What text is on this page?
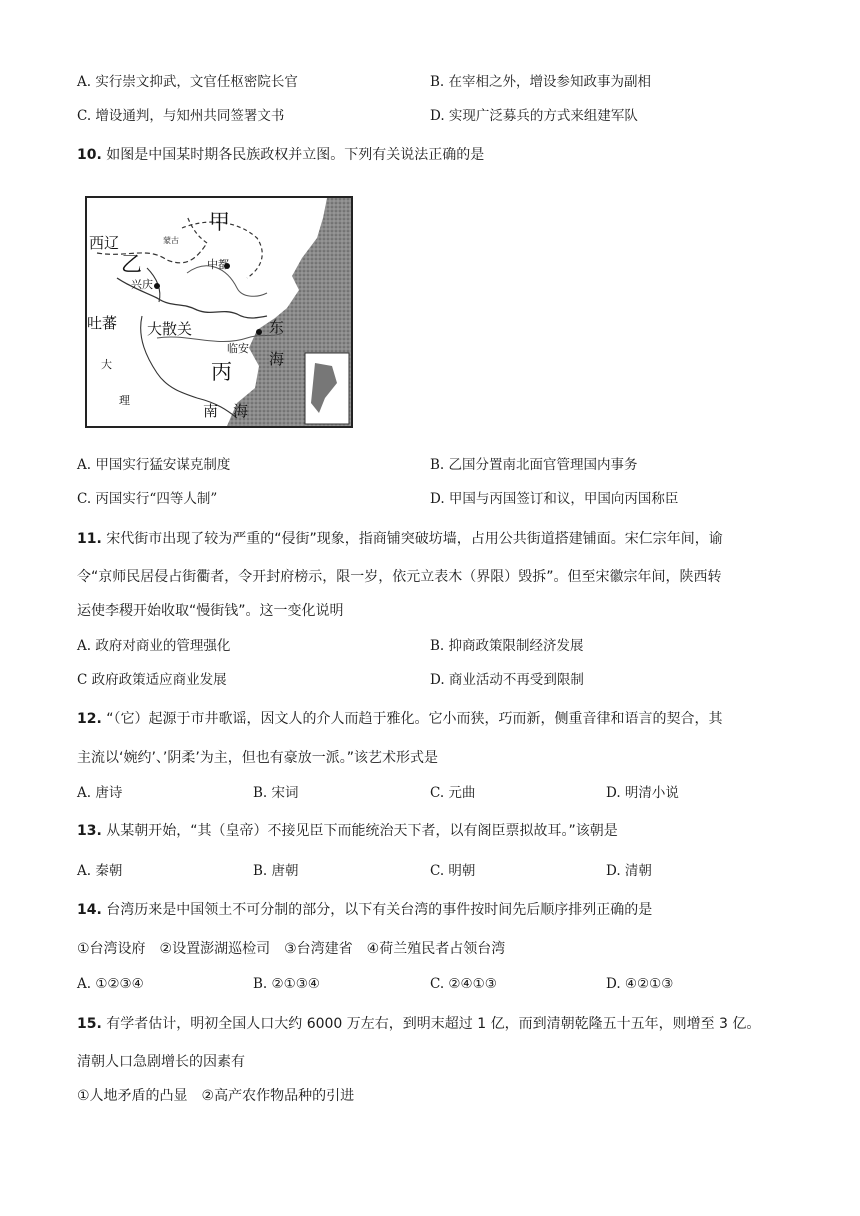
A. 实行崇文抑武，文官任枢密院长官	B. 在宰相之外，增设参知政事为副相
C. 增设通判，与知州共同签署文书	D. 实现广泛募兵的方式来组建军队
10. 如图是中国某时期各民族政权并立图。下列有关说法正确的是
西辽	蒙古
甲
中都
乙
兴庆
吐蕃 大散关	东
临安
海
丙
大
理
南 海
A. 甲国实行猛安谋克制度	B. 乙国分置南北面官管理国内事务
C. 丙国实行“四等人制”	D. 甲国与丙国签订和议，甲国向丙国称臣
11. 宋代街市出现了较为严重的“侵街”现象，指商铺突破坊墙，占用公共街道搭建铺面。宋仁宗年间，谕
令“京师民居侵占街衢者，令开封府榜示，限一岁，依元立表木（界限）毁拆”。但至宋徽宗年间，陕西转
运使李稷开始收取“慢街钱”。这一变化说明
A. 政府对商业的管理强化	B. 抑商政策限制经济发展
C 政府政策适应商业发展	D. 商业活动不再受到限制
12. “（它）起源于市井歌谣，因文人的介人而趋于雅化。它小而狭，巧而新，侧重音律和语言的契合，其
主流以‘婉约’、’阴柔’为主，但也有豪放一派。”该艺术形式是
A. 唐诗	B. 宋词	C. 元曲	D. 明清小说
13. 从某朝开始，“其（皇帝）不接见臣下而能统治天下者，以有阁臣票拟故耳。”该朝是
A. 秦朝	B. 唐朝	C. 明朝	D. 清朝
14. 台湾历来是中国领土不可分制的部分，以下有关台湾的事件按时间先后顺序排列正确的是
①台湾设府　②设置澎湖巡检司　③台湾建省　④荷兰殖民者占领台湾
A. ①②③④	B. ②①③④	C. ②④①③	D. ④②①③
15. 有学者估计，明初全国人口大约 6000 万左右，到明末超过 1 亿，而到清朝乾隆五十五年，则增至 3 亿。
清朝人口急剧增长的因素有
①人地矛盾的凸显　②高产农作物品种的引进
